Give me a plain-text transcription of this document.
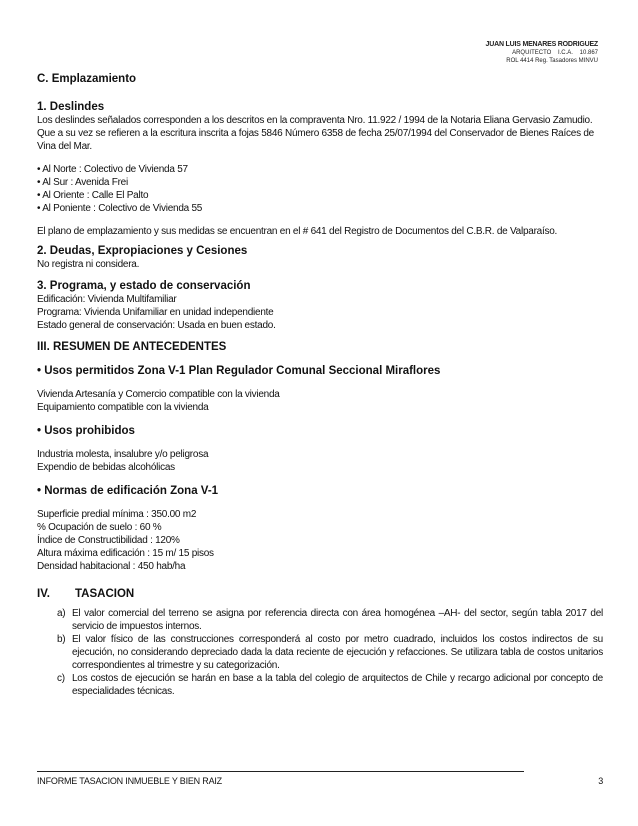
JUAN LUIS MENARES RODRIGUEZ
ARQUITECTO    I.C.A.    10.867
ROL 4414 Reg. Tasadores MINVU
C. Emplazamiento
1. Deslindes

Los deslindes señalados corresponden a los descritos en la compraventa Nro. 11.922 / 1994 de la Notaria Eliana Gervasio Zamudio. Que a su vez se refieren a la escritura inscrita a fojas 5846 Número 6358 de fecha 25/07/1994 del Conservador de Bienes Raíces de Vina del Mar.

• Al Norte : Colectivo de Vivienda 57
• Al Sur : Avenida Frei
• Al Oriente : Calle El Palto
• Al Poniente : Colectivo de Vivienda 55

El plano de emplazamiento y sus medidas se encuentran en el # 641 del Registro de Documentos del C.B.R. de Valparaíso.

2. Deudas, Expropiaciones y Cesiones

No registra ni considera.

3. Programa, y estado de conservación
Edificación: Vivienda Multifamiliar
Programa: Vivienda Unifamiliar en unidad independiente
Estado general de conservación: Usada en buen estado.
III. RESUMEN DE ANTECEDENTES
• Usos permitidos Zona V-1 Plan Regulador Comunal Seccional Miraflores
Vivienda Artesanía y Comercio compatible con la vivienda
Equipamiento compatible con la vivienda
• Usos prohibidos
Industria molesta, insalubre y/o peligrosa
Expendio de bebidas alcohólicas
• Normas de edificación Zona V-1
Superficie predial mínima : 350.00 m2
% Ocupación de suelo : 60 %
Índice de Constructibilidad : 120%
Altura máxima edificación : 15 m/ 15 pisos
Densidad habitacional : 450 hab/ha
IV.	TASACION
a) El valor comercial del terreno se asigna por referencia directa con área homogénea –AH- del sector, según tabla 2017 del servicio de impuestos internos.
b) El valor físico de las construcciones corresponderá al costo por metro cuadrado, incluidos los costos indirectos de su ejecución, no considerando depreciado dada la data reciente de ejecución y refacciones. Se utilizara tabla de costos unitarios correspondientes al trimestre y su categorización.
c) Los costos de ejecución se harán en base a la tabla del colegio de arquitectos de Chile y recargo adicional por concepto de especialidades técnicas.
INFORME TASACION INMUEBLE Y BIEN RAIZ	3
